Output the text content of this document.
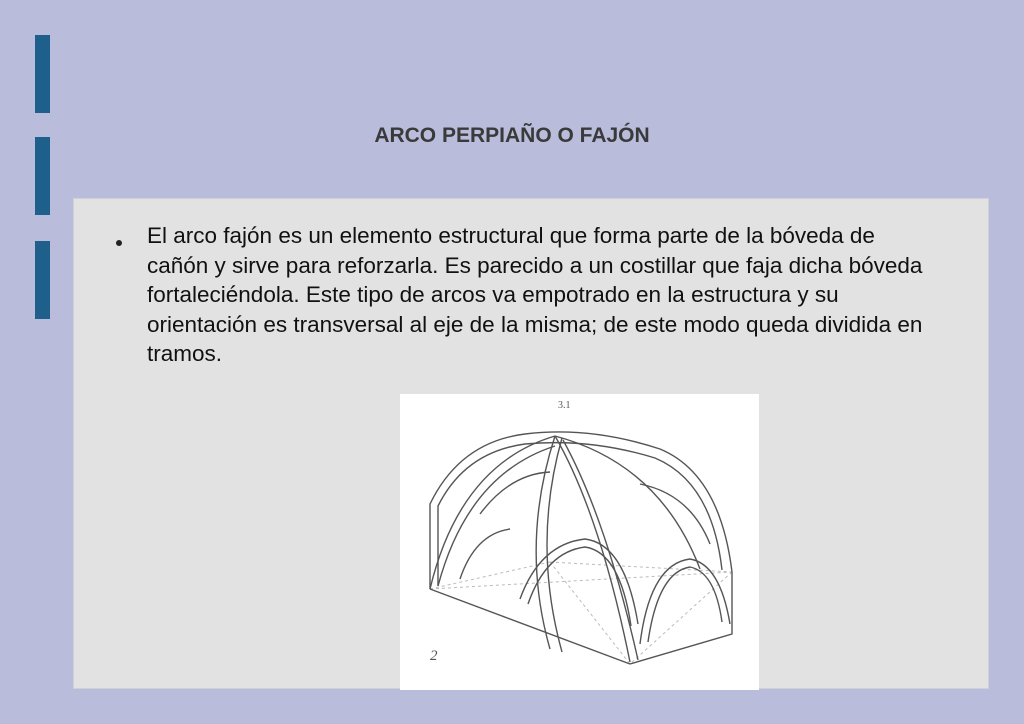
ARCO PERPIAÑO O FAJÓN

El arco fajón es un elemento estructural que forma parte de la bóveda de cañón y sirve para reforzarla. Es parecido a un costillar que faja dicha bóveda fortaleciéndola. Este tipo de arcos va empotrado en la estructura y su orientación es transversal al eje de la misma; de este modo queda dividida en tramos.

3.1
2
